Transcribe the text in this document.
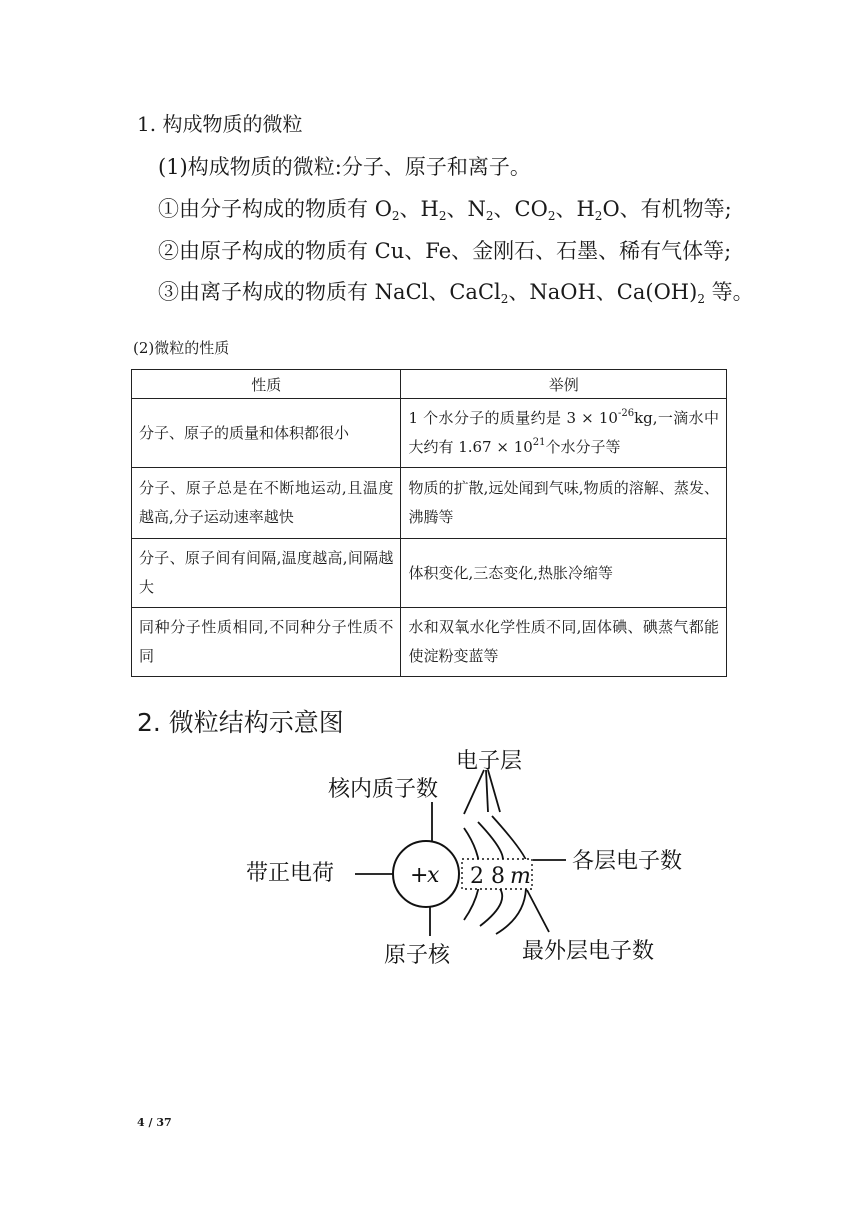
1. 构成物质的微粒
(1)构成物质的微粒:分子、原子和离子。
①由分子构成的物质有 $O_2$、$H_2$、$N_2$、$CO_2$、$H_2O$、有机物等;
②由原子构成的物质有 Cu、Fe、金刚石、石墨、稀有气体等;
③由离子构成的物质有 NaCl、CaCl$_2$、NaOH、$Ca(OH)_2$ 等。
(2)微粒的性质
性质	举例
分子、原子的质量和体积都很小	1 个水分子的质量约是 $3 \times 10^{-26}kg$,一滴水中大约有 $1.67 \times 10^{21}$个水分子等
分子、原子总是在不断地运动,且温度越高,分子运动速率越快	物质的扩散,远处闻到气味,物质的溶解、蒸发、沸腾等
分子、原子间有间隔,温度越高,间隔越大	体积变化,三态变化,热胀冷缩等
同种分子性质相同,不同种分子性质不同	水和双氧水化学性质不同,固体碘、碘蒸气都能使淀粉变蓝等
2. 微粒结构示意图
+
x 2 8 m
电子层
核内质子数
带正电荷	各层电子数
原子核	最外层电子数
4 / 37
